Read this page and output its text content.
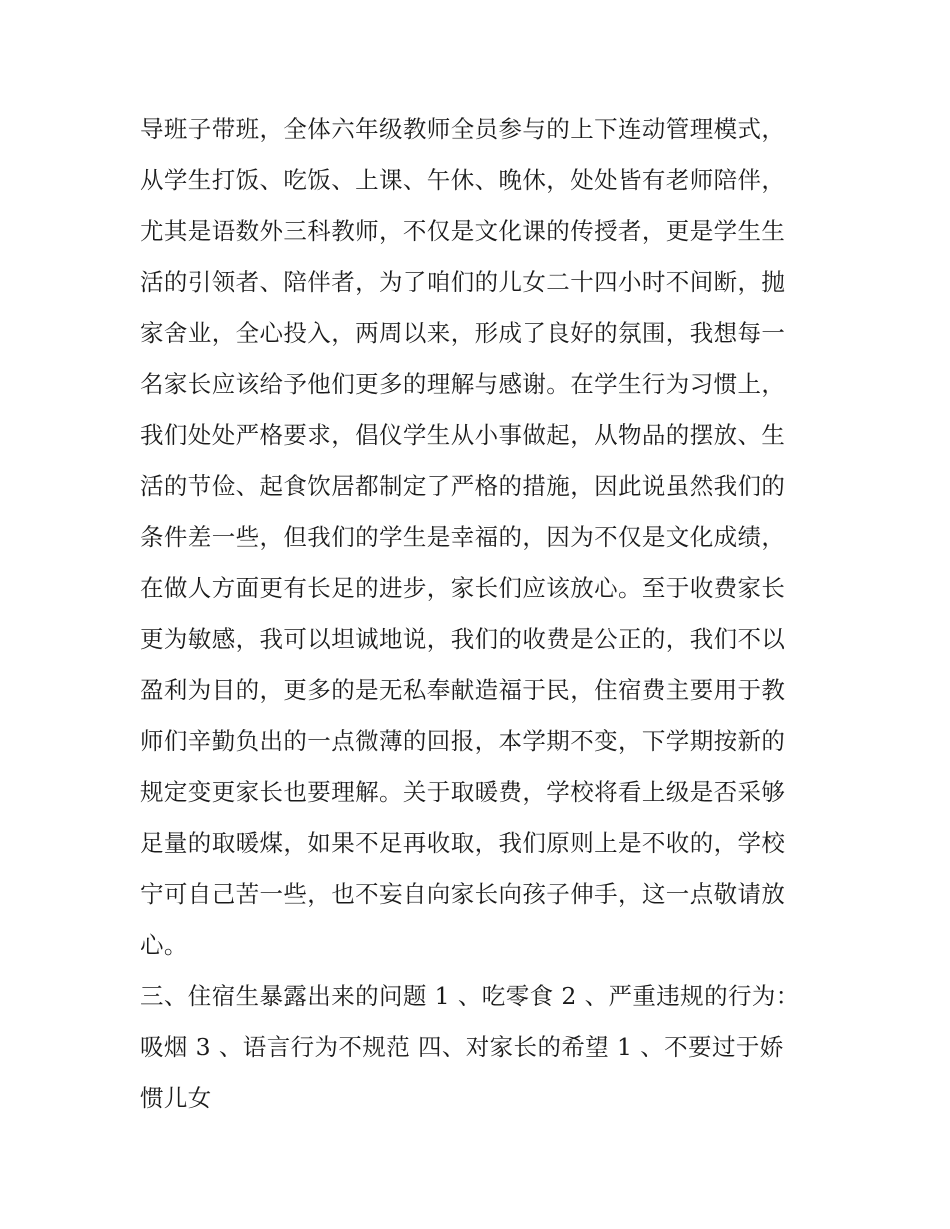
导班子带班，全体六年级教师全员参与的上下连动管理模式，
从学生打饭、吃饭、上课、午休、晚休，处处皆有老师陪伴，
尤其是语数外三科教师，不仅是文化课的传授者，更是学生生
活的引领者、陪伴者，为了咱们的儿女二十四小时不间断，抛
家舍业，全心投入，两周以来，形成了良好的氛围，我想每一
名家长应该给予他们更多的理解与感谢。在学生行为习惯上，
我们处处严格要求，倡仪学生从小事做起，从物品的摆放、生
活的节俭、起食饮居都制定了严格的措施，因此说虽然我们的
条件差一些，但我们的学生是幸福的，因为不仅是文化成绩，
在做人方面更有长足的进步，家长们应该放心。至于收费家长
更为敏感，我可以坦诚地说，我们的收费是公正的，我们不以
盈利为目的，更多的是无私奉献造福于民，住宿费主要用于教
师们辛勤负出的一点微薄的回报，本学期不变，下学期按新的
规定变更家长也要理解。关于取暖费，学校将看上级是否采够
足量的取暖煤，如果不足再收取，我们原则上是不收的，学校
宁可自己苦一些，也不妄自向家长向孩子伸手，这一点敬请放
心。
三、住宿生暴露出来的问题 1 、吃零食 2 、严重违规的行为：
吸烟 3 、语言行为不规范 四、对家长的希望 1 、不要过于娇
惯儿女
